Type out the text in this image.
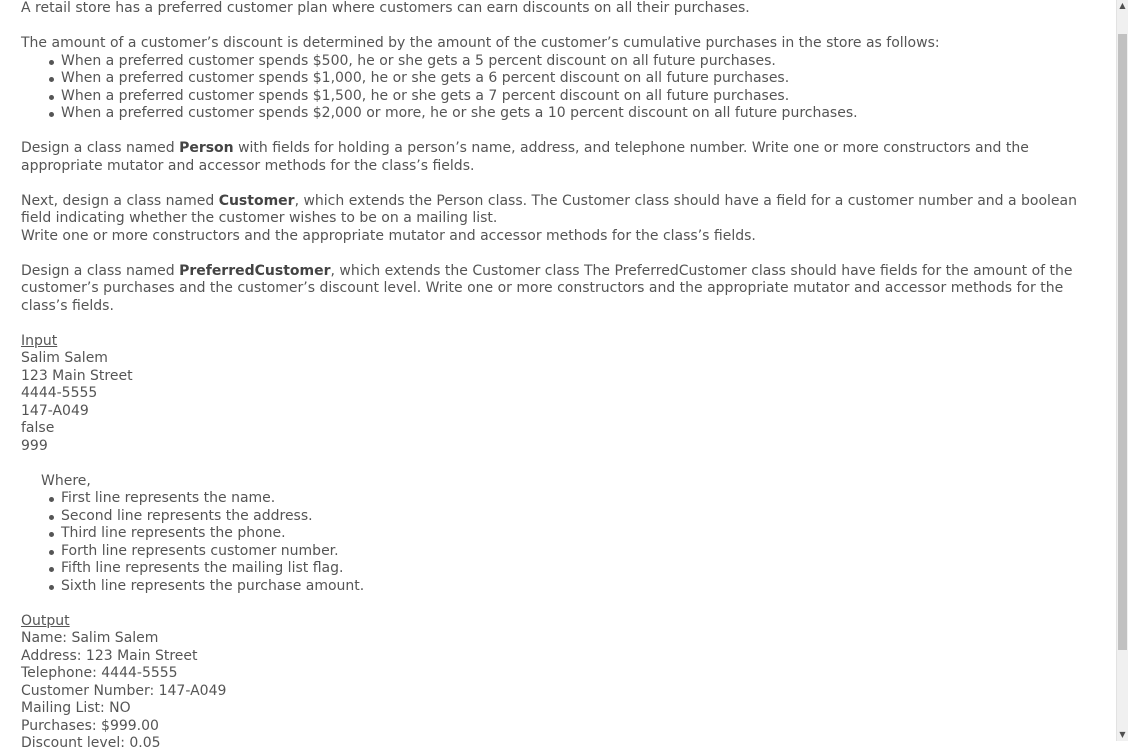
A retail store has a preferred customer plan where customers can earn discounts on all their purchases.

The amount of a customer’s discount is determined by the amount of the customer’s cumulative purchases in the store as follows:

When a preferred customer spends $500, he or she gets a 5 percent discount on all future purchases.
When a preferred customer spends $1,000, he or she gets a 6 percent discount on all future purchases.
When a preferred customer spends $1,500, he or she gets a 7 percent discount on all future purchases.
When a preferred customer spends $2,000 or more, he or she gets a 10 percent discount on all future purchases.

Design a class named Person with fields for holding a person’s name, address, and telephone number. Write one or more constructors and the appropriate mutator and accessor methods for the class’s fields.

Next, design a class named Customer, which extends the Person class. The Customer class should have a field for a customer number and a boolean field indicating whether the customer wishes to be on a mailing list.

Write one or more constructors and the appropriate mutator and accessor methods for the class’s fields.

Design a class named PreferredCustomer, which extends the Customer class The PreferredCustomer class should have fields for the amount of the customer’s purchases and the customer’s discount level. Write one or more constructors and the appropriate mutator and accessor methods for the class’s fields.

Input

Salim Salem

123 Main Street

4444-5555

147-A049

false

999

Where,

First line represents the name.
Second line represents the address.
Third line represents the phone.
Forth line represents customer number.
Fifth line represents the mailing list flag.
Sixth line represents the purchase amount.

Output

Name: Salim Salem

Address: 123 Main Street

Telephone: 4444-5555

Customer Number: 147-A049

Mailing List: NO

Purchases: $999.00

Discount level: 0.05

▲
▼
